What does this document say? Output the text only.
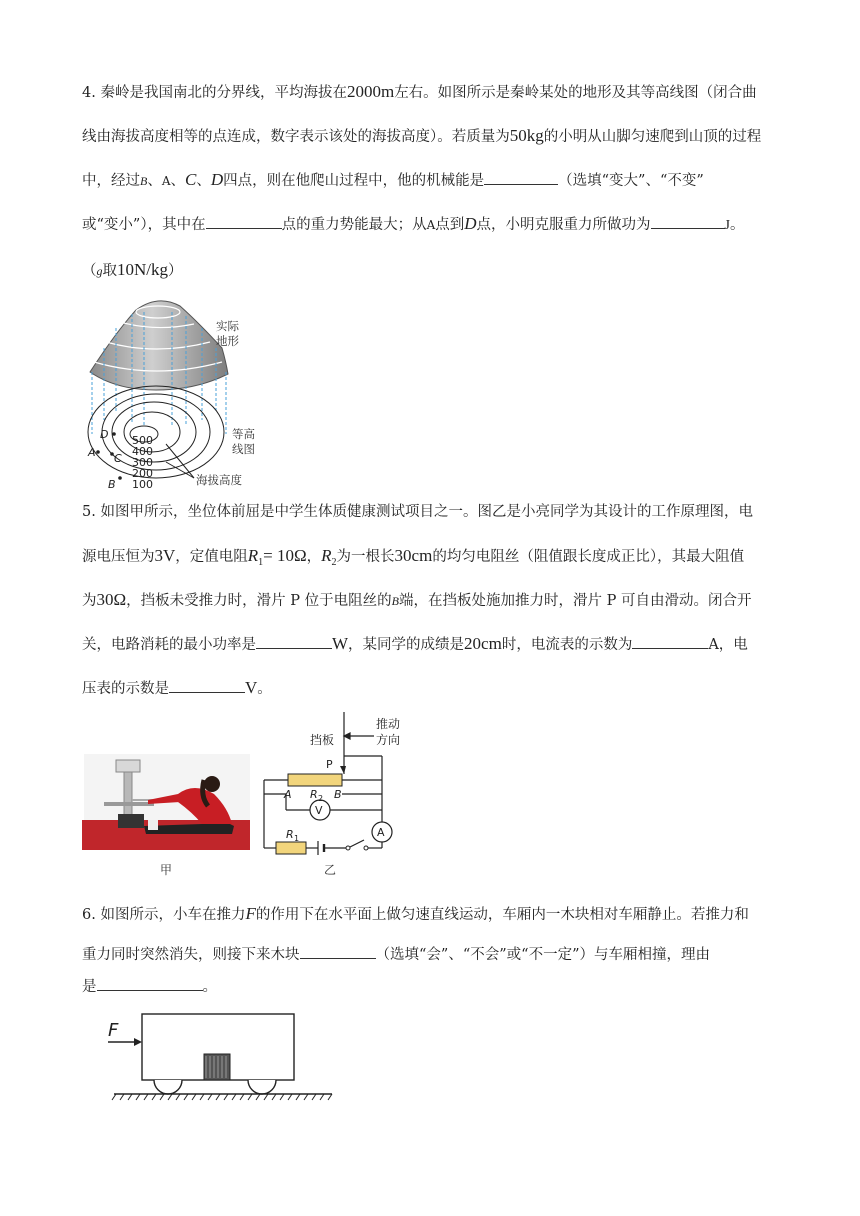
4. 秦岭是我国南北的分界线，平均海拔在2000m左右。如图所示是秦岭某处的地形及其等高线图（闭合曲
线由海拔高度相等的点连成，数字表示该处的海拔高度）。若质量为50kg的小明从山脚匀速爬到山顶的过程
中，经过B、A、C、D四点，则在他爬山过程中，他的机械能是	（选填“变大”、“不变”
或“变小”），其中在	点的重力势能最大；从A点到D点，小明克服重力所做功为	J。
（g取10N/kg）
500
400
300
200
100
D
A C
B
实际
地形
等高
线图
海拔高度
5. 如图甲所示，坐位体前屈是中学生体质健康测试项目之一。图乙是小亮同学为其设计的工作原理图，电
源电压恒为3V，定值电阻$R_1= 10\Omega$，$R_2$为一根长30cm的均匀电阻丝（阻值跟长度成正比），其最大阻值
为30Ω，挡板未受推力时，滑片 P 位于电阻丝的B端，在挡板处施加推力时，滑片 P 可自由滑动。闭合开
关，电路消耗的最小功率是	W，某同学的成绩是20cm时，电流表的示数为	A，电
压表的示数是	V。
甲
V
A
挡板
推动
方向
P
A R 2 B
R 1
乙
6. 如图所示，小车在推力F的作用下在水平面上做匀速直线运动，车厢内一木块相对车厢静止。若推力和
重力同时突然消失，则接下来木块	（选填“会”、“不会”或“不一定”）与车厢相撞，理由
是	。
F
